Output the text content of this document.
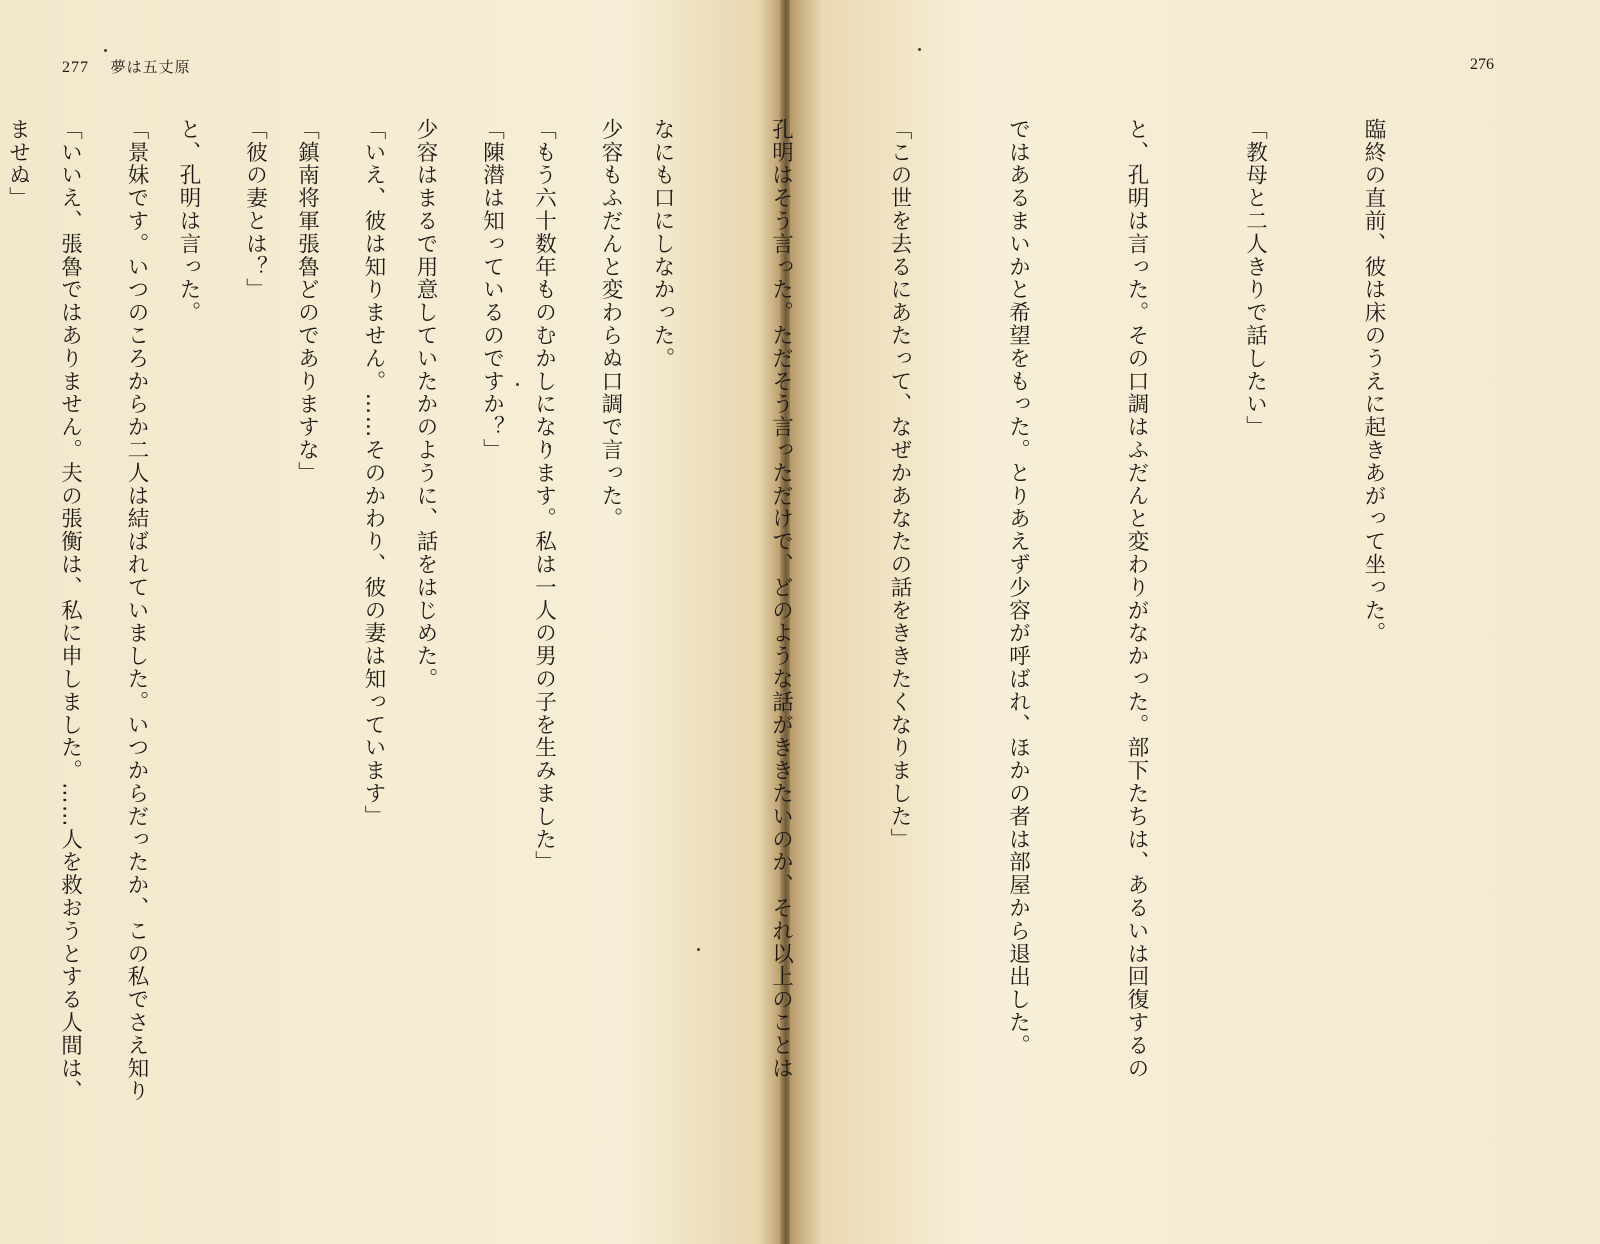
277 夢は五丈原

少容もふだんと変わらぬ口調で言った。

「陳潜は知っているのですか？」

「いえ、彼は知りません。……そのかわり、彼の妻は知っています」

「彼の妻とは？」

「景妹です。いつのころからか二人は結ばれていました。いつからだったか、この私でさえ知り

ませぬ」

276

臨終の直前、彼は床のうえに起きあがって坐った。

「教母と二人きりで話したい」

と、孔明は言った。その口調はふだんと変わりがなかった。部下たちは、あるいは回復するの

ではあるまいかと希望をもった。とりあえず少容が呼ばれ、ほかの者は部屋から退出した。

「この世を去るにあたって、なぜかあなたの話をききたくなりました」

孔明はそう言った。ただそう言っただけで、どのような話がききたいのか、それ以上のことは

なにも口にしなかった。

「もう六十数年ものむかしになります。私は一人の男の子を生みました」

少容はまるで用意していたかのように、話をはじめた。

「鎮南将軍張魯どのでありますな」

と、孔明は言った。

「いいえ、張魯ではありません。夫の張衡は、私に申しました。……人を救おうとする人間は、
